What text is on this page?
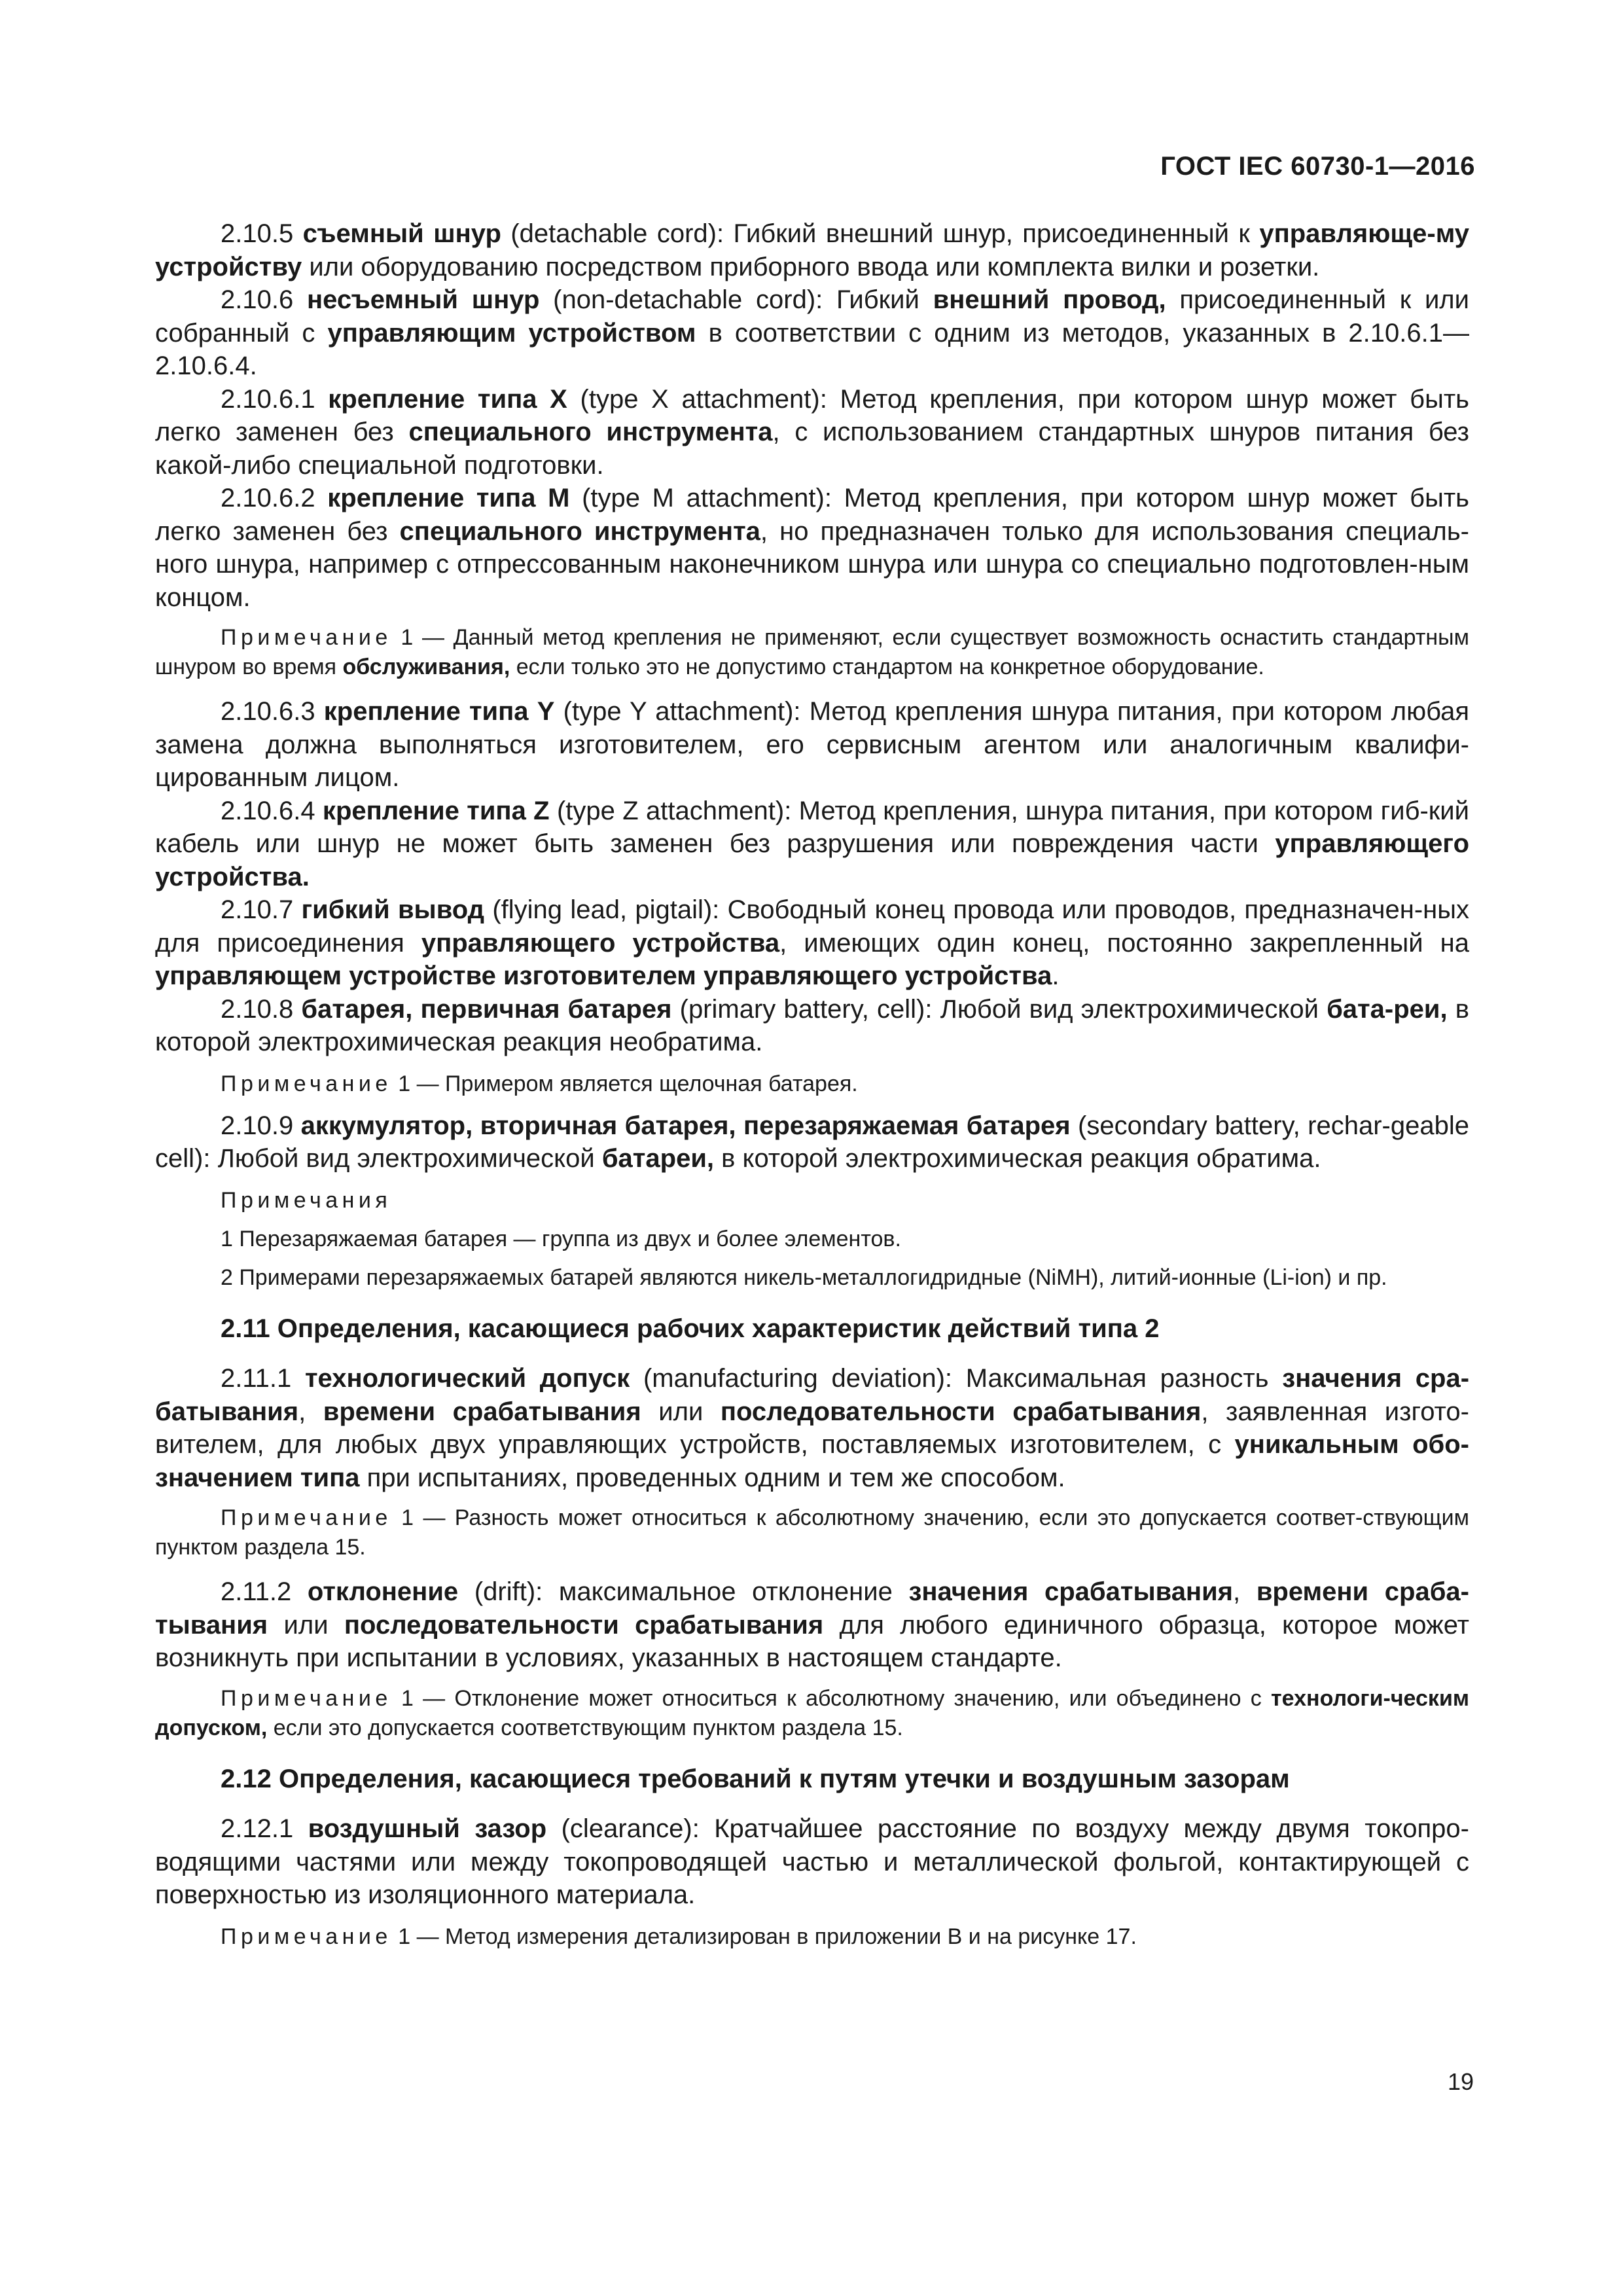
ГОСТ IEC 60730-1—2016

2.10.5 съемный шнур (detachable cord): Гибкий внешний шнур, присоединенный к управляюще-му устройству или оборудованию посредством приборного ввода или комплекта вилки и розетки.

2.10.6 несъемный шнур (non-detachable cord): Гибкий внешний провод, присоединенный к или собранный с управляющим устройством в соответствии с одним из методов, указанных в 2.10.6.1—2.10.6.4.

2.10.6.1 крепление типа X (type X attachment): Метод крепления, при котором шнур может быть легко заменен без специального инструмента, с использованием стандартных шнуров питания без какой-либо специальной подготовки.

2.10.6.2 крепление типа M (type M attachment): Метод крепления, при котором шнур может быть легко заменен без специального инструмента, но предназначен только для использования специаль-ного шнура, например с отпрессованным наконечником шнура или шнура со специально подготовлен-ным концом.

Примечание 1 — Данный метод крепления не применяют, если существует возможность оснастить стандартным шнуром во время обслуживания, если только это не допустимо стандартом на конкретное оборудование.

2.10.6.3 крепление типа Y (type Y attachment): Метод крепления шнура питания, при котором любая замена должна выполняться изготовителем, его сервисным агентом или аналогичным квалифи-цированным лицом.

2.10.6.4 крепление типа Z (type Z attachment): Метод крепления, шнура питания, при котором гиб-кий кабель или шнур не может быть заменен без разрушения или повреждения части управляющего устройства.

2.10.7 гибкий вывод (flying lead, pigtail): Свободный конец провода или проводов, предназначен-ных для присоединения управляющего устройства, имеющих один конец, постоянно закрепленный на управляющем устройстве изготовителем управляющего устройства.

2.10.8 батарея, первичная батарея (primary battery, cell): Любой вид электрохимической бата-реи, в которой электрохимическая реакция необратима.

Примечание 1 — Примером является щелочная батарея.

2.10.9 аккумулятор, вторичная батарея, перезаряжаемая батарея (secondary battery, rechar-geable cell): Любой вид электрохимической батареи, в которой электрохимическая реакция обратима.

Примечания

1 Перезаряжаемая батарея — группа из двух и более элементов.

2 Примерами перезаряжаемых батарей являются никель-металлогидридные (NiMH), литий-ионные (Li-ion) и пр.

2.11 Определения, касающиеся рабочих характеристик действий типа 2

2.11.1 технологический допуск (manufacturing deviation): Максимальная разность значения сра-батывания, времени срабатывания или последовательности срабатывания, заявленная изгото-вителем, для любых двух управляющих устройств, поставляемых изготовителем, с уникальным обо-значением типа при испытаниях, проведенных одним и тем же способом.

Примечание 1 — Разность может относиться к абсолютному значению, если это допускается соответ-ствующим пунктом раздела 15.

2.11.2 отклонение (drift): максимальное отклонение значения срабатывания, времени сраба-тывания или последовательности срабатывания для любого единичного образца, которое может возникнуть при испытании в условиях, указанных в настоящем стандарте.

Примечание 1 — Отклонение может относиться к абсолютному значению, или объединено с технологи-ческим допуском, если это допускается соответствующим пунктом раздела 15.

2.12 Определения, касающиеся требований к путям утечки и воздушным зазорам

2.12.1 воздушный зазор (clearance): Кратчайшее расстояние по воздуху между двумя токопро-водящими частями или между токопроводящей частью и металлической фольгой, контактирующей с поверхностью из изоляционного материала.

Примечание 1 — Метод измерения детализирован в приложении В и на рисунке 17.

19
